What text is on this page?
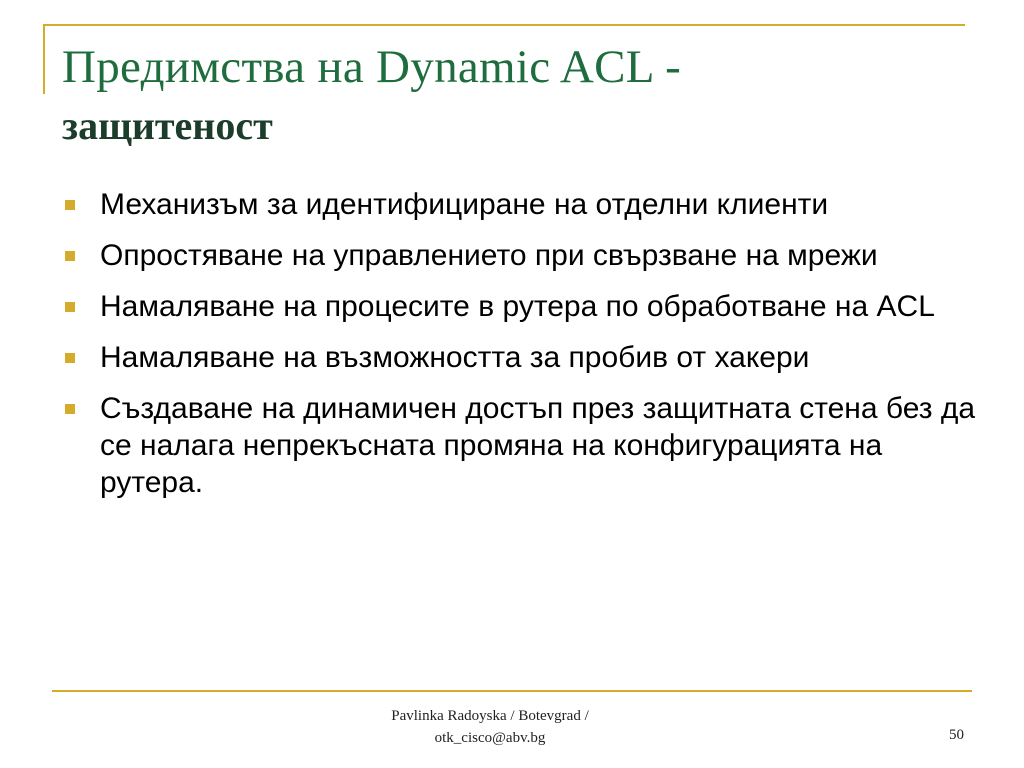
Предимства на Dynamic ACL -
защитеност
Механизъм за идентифициране на отделни клиенти
Опростяване на управлението при свързване на мрежи
Намаляване на процесите в рутера по обработване на ACL
Намаляване на възможността за пробив от хакери
Създаване на динамичен достъп през защитната стена без да се налага непрекъсната промяна на конфигурацията на рутера.
Pavlinka Radoyska / Botevgrad /
otk_cisco@abv.bg	50
